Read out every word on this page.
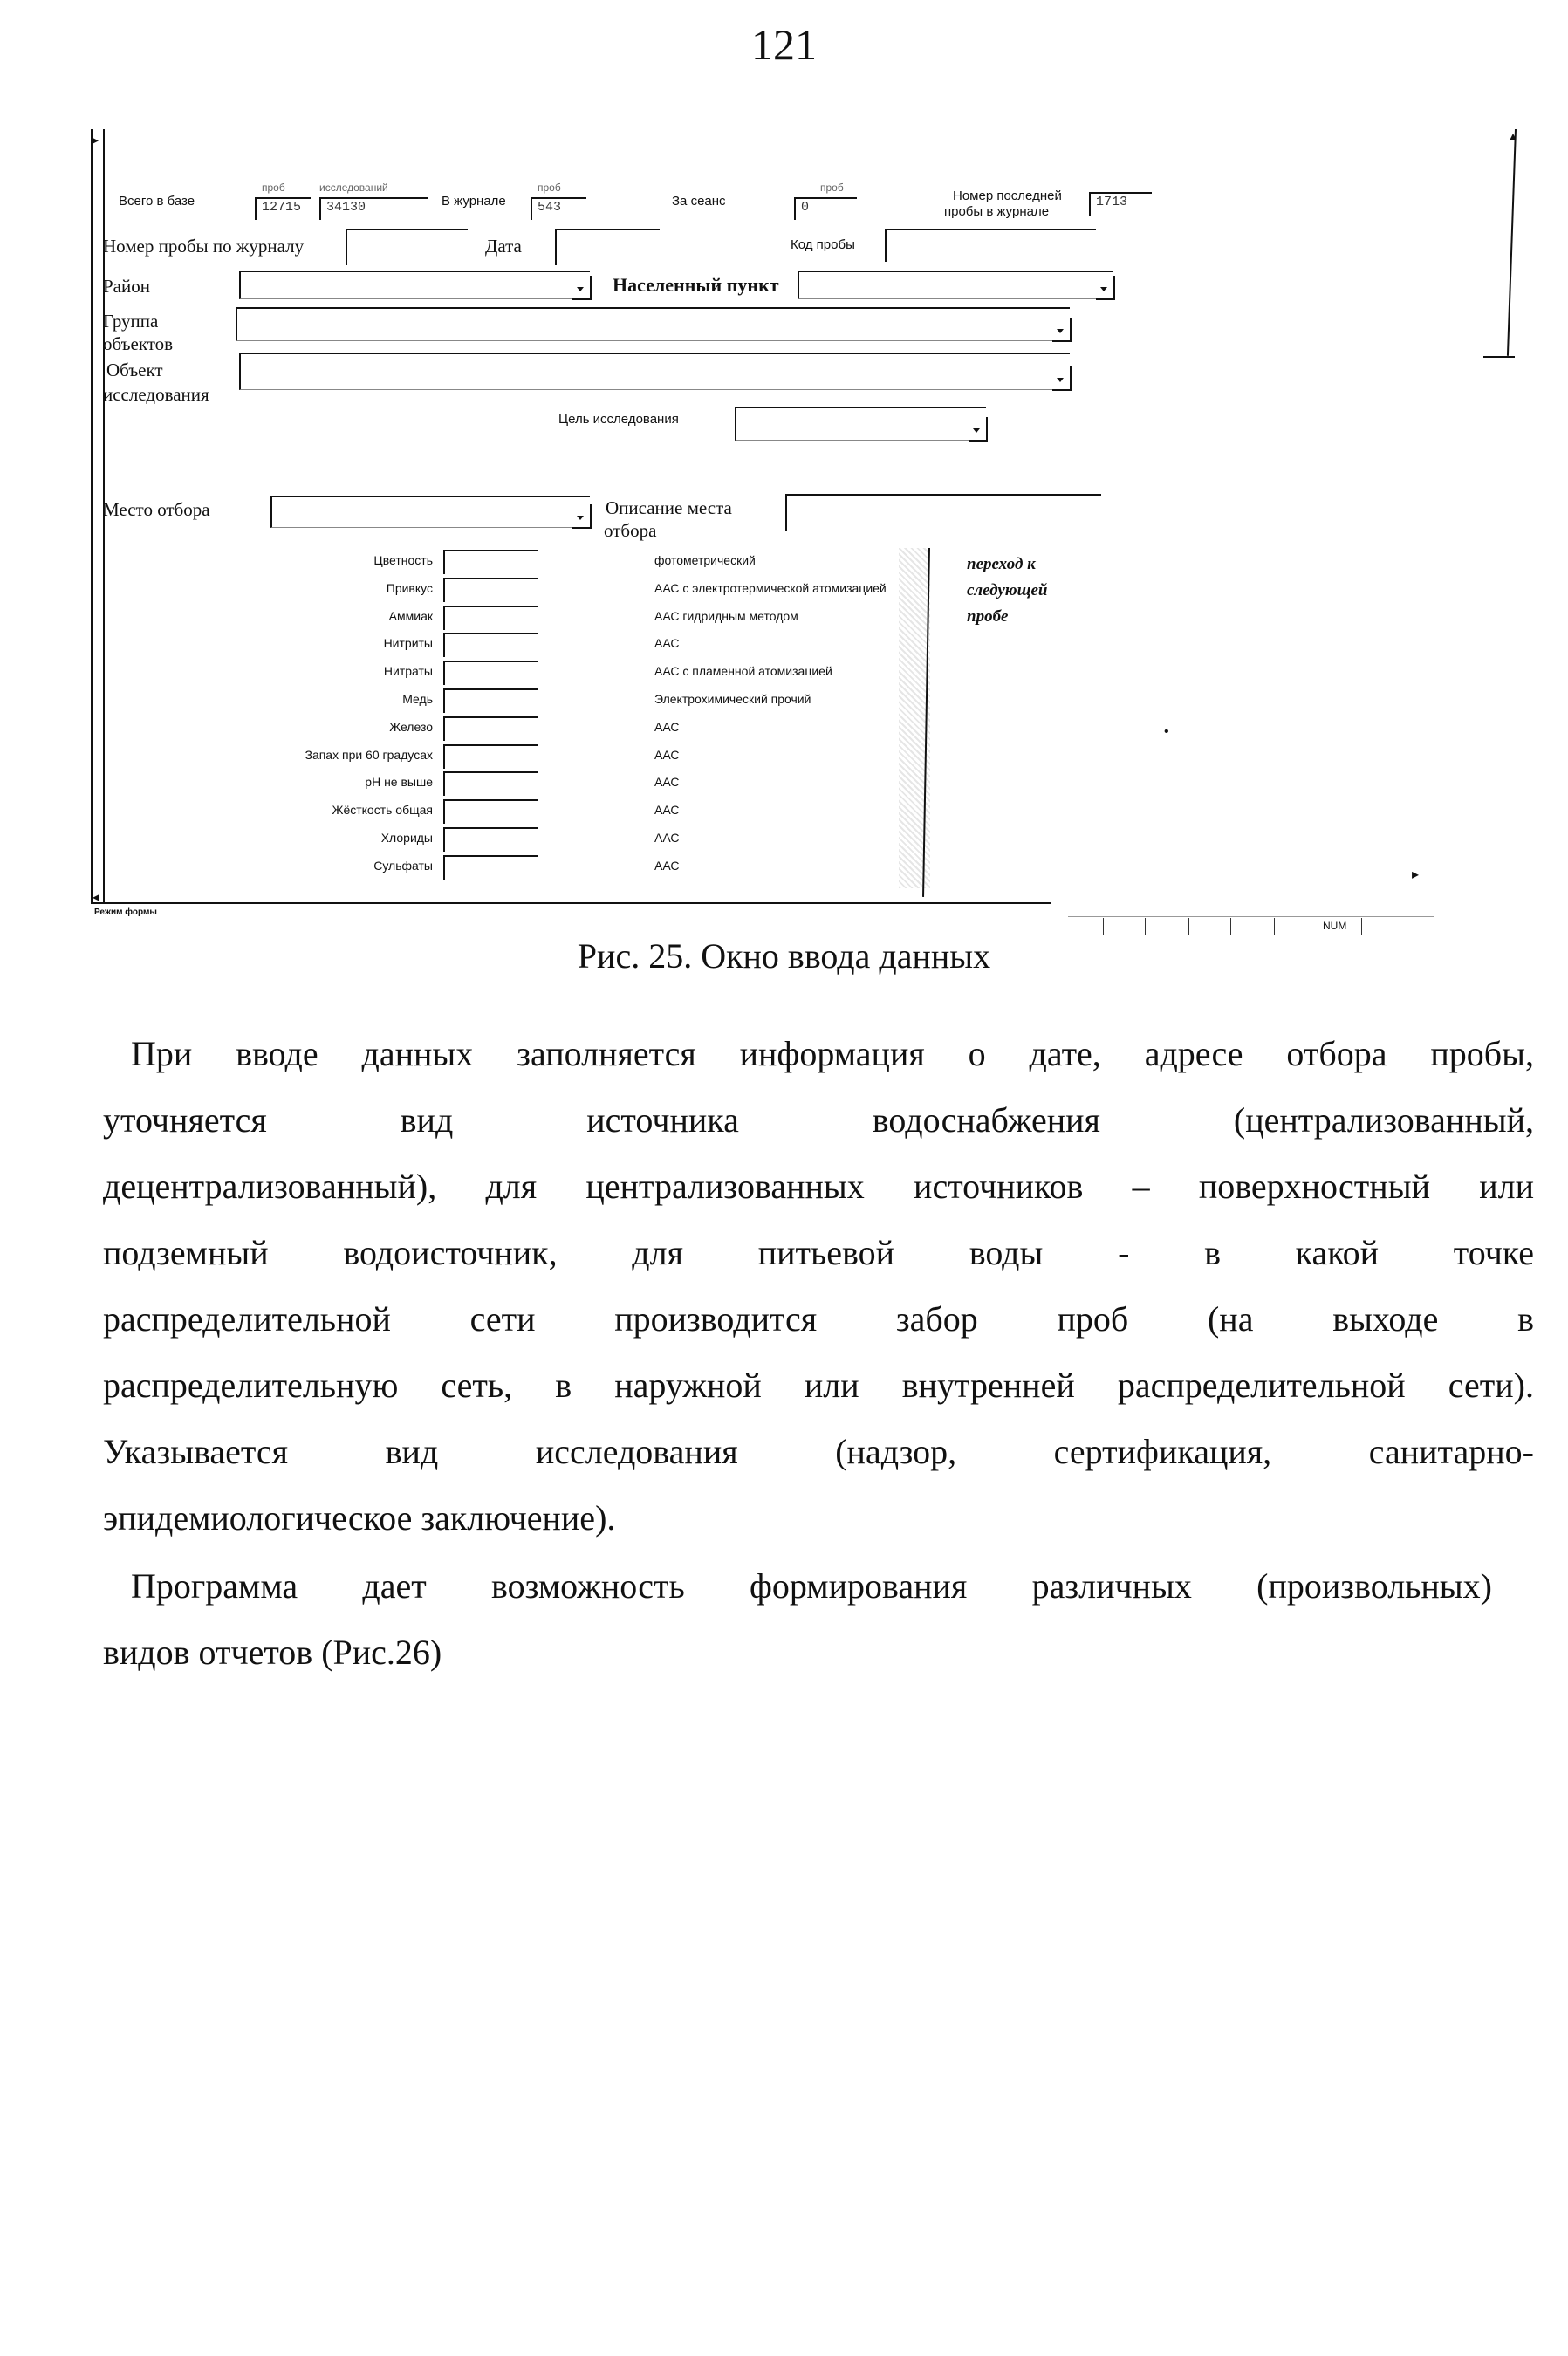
121
▸
◂
▸
▴
Всего в базе
проб	исследований
12715 34130	В журнале
проб
543	За сеанс
проб
0
Номер последней
пробы в журнале
1713
Номер пробы по журналу	Дата	Код пробы
Район	Населенный пункт
Группа
объектов
Объект
исследования
Цель исследования
Место отбора	Описание места
отбора
Цветность	фотометрический
Привкус	ААС с электротермической атомизацией
Аммиак	ААС гидридным методом
Нитриты	ААС
Нитраты	ААС с пламенной атомизацией
Медь	Электрохимический прочий
Железо	ААС
Запах при 60 градусах	ААС
pH не выше	ААС
Жёсткость общая	ААС
Хлориды	ААС
Сульфаты	ААС
переход к
следующей
пробе
•
Режим формы
NUM
Рис. 25. Окно ввода данных
При вводе данных заполняется информация о дате, адресе отбора пробы,
уточняется вид источника водоснабжения (централизованный,
децентрализованный), для централизованных источников – поверхностный или
подземный водоисточник, для питьевой воды - в какой точке
распределительной сети производится забор проб (на выходе в
распределительную сеть, в наружной или внутренней распределительной сети).
Указывается вид исследования (надзор, сертификация, санитарно-
эпидемиологическое заключение).
Программа дает возможность формирования различных (произвольных)
видов отчетов (Рис.26)
